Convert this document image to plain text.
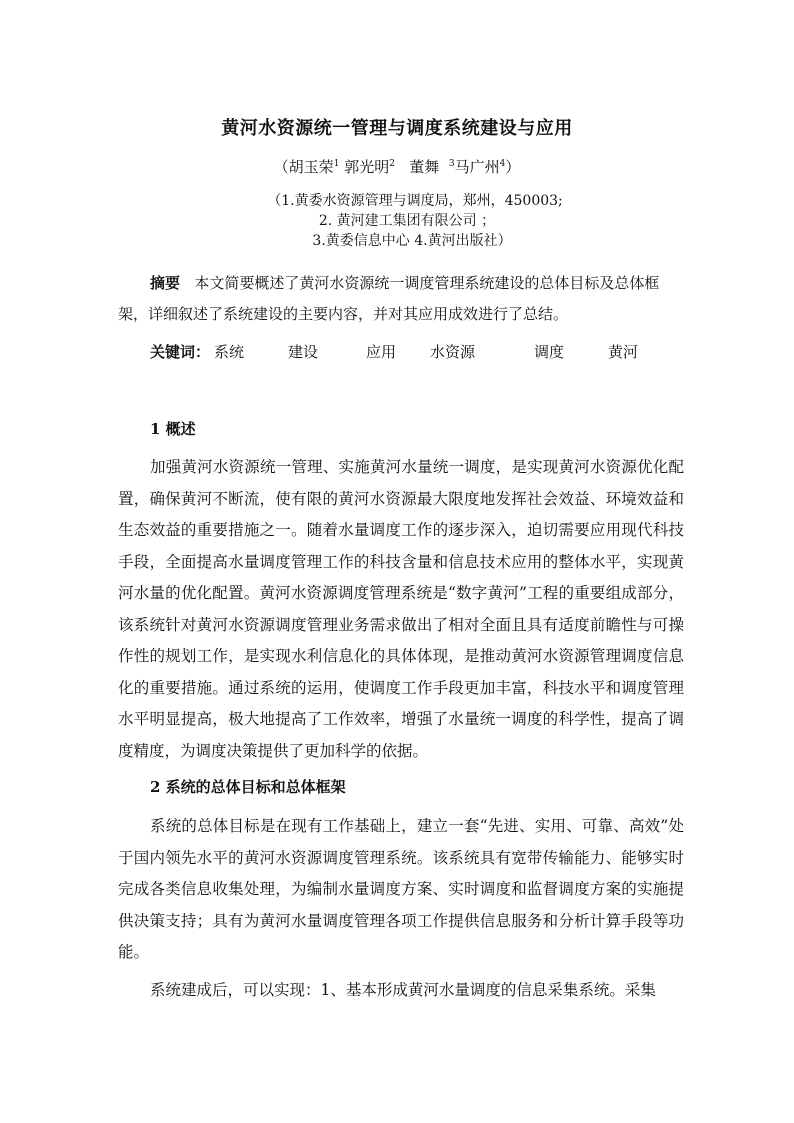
黄河水资源统一管理与调度系统建设与应用
（胡玉荣$^1$ 郭光明$^2$ 董舞 $^3$马广州$^4$）
（1.黄委水资源管理与调度局，郑州，450003;
2. 黄河建工集团有限公司 ；
3.黄委信息中心 4.黄河出版社）

摘要 本文简要概述了黄河水资源统一调度管理系统建设的总体目标及总体框架，详细叙述了系统建设的主要内容，并对其应用成效进行了总结。

关键词： 系统	建设	应用 水资源	调度	黄河
1 概述

加强黄河水资源统一管理、实施黄河水量统一调度，是实现黄河水资源优化配置，确保黄河不断流，使有限的黄河水资源最大限度地发挥社会效益、环境效益和生态效益的重要措施之一。随着水量调度工作的逐步深入，迫切需要应用现代科技手段，全面提高水量调度管理工作的科技含量和信息技术应用的整体水平，实现黄河水量的优化配置。黄河水资源调度管理系统是“数字黄河”工程的重要组成部分，该系统针对黄河水资源调度管理业务需求做出了相对全面且具有适度前瞻性与可操作性的规划工作，是实现水利信息化的具体体现，是推动黄河水资源管理调度信息化的重要措施。通过系统的运用，使调度工作手段更加丰富，科技水平和调度管理水平明显提高，极大地提高了工作效率，增强了水量统一调度的科学性，提高了调度精度，为调度决策提供了更加科学的依据。

2 系统的总体目标和总体框架

系统的总体目标是在现有工作基础上，建立一套“先进、实用、可靠、高效”处于国内领先水平的黄河水资源调度管理系统。该系统具有宽带传输能力、能够实时完成各类信息收集处理，为编制水量调度方案、实时调度和监督调度方案的实施提供决策支持；具有为黄河水量调度管理各项工作提供信息服务和分析计算手段等功能。

系统建成后，可以实现：1、基本形成黄河水量调度的信息采集系统。采集
